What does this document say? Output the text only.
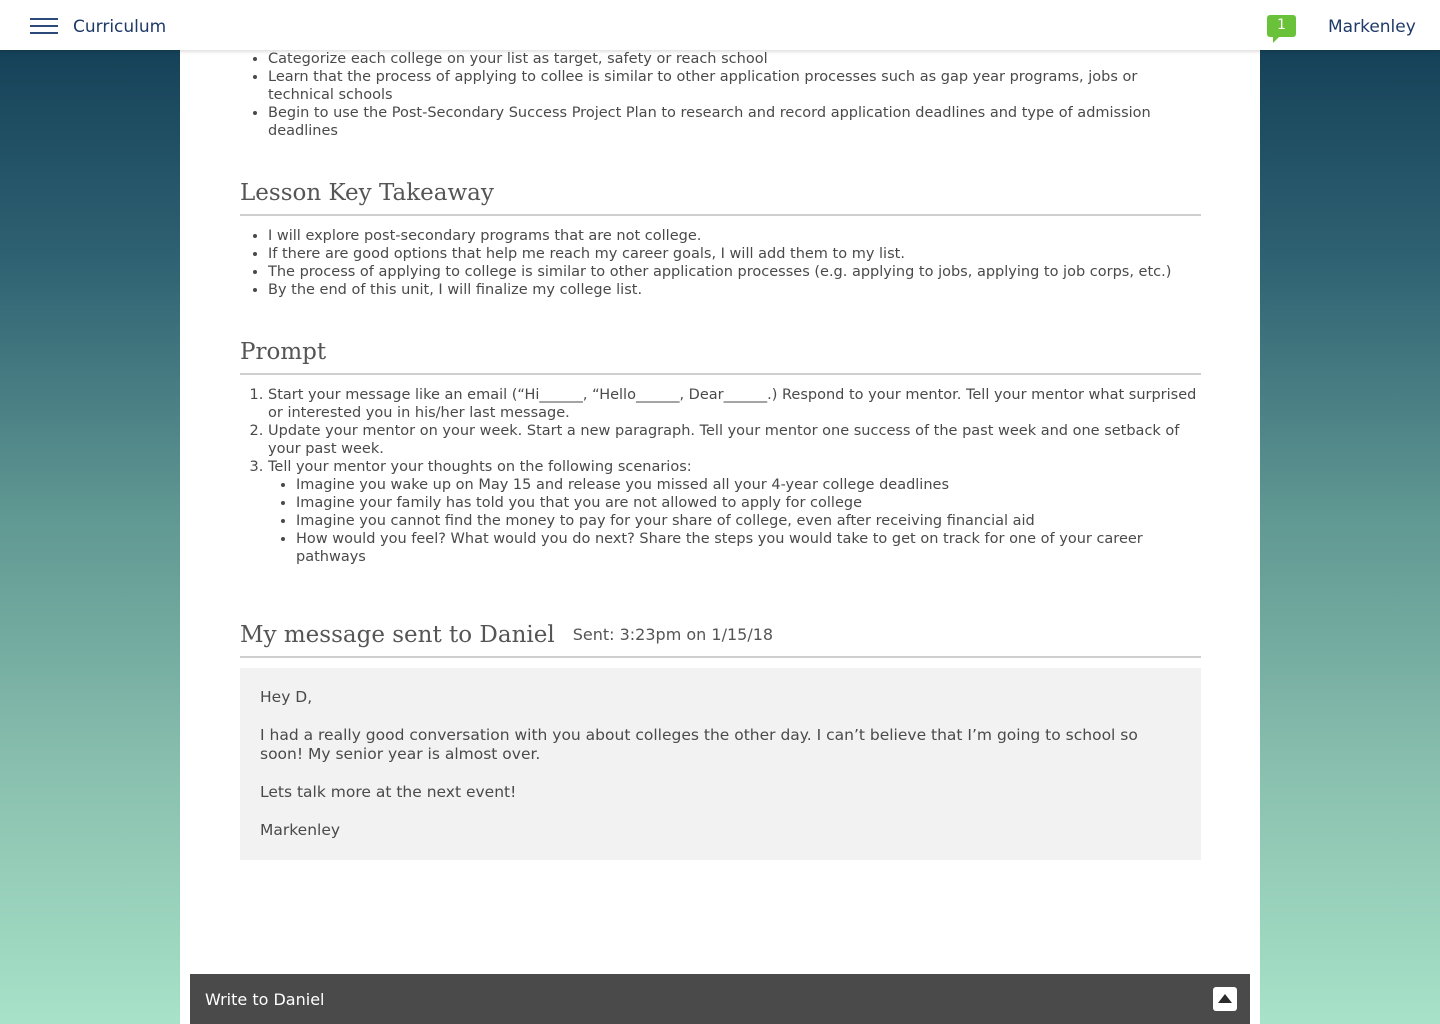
Curriculum	1	Markenley
• Categorize each college on your list as target, safety or reach school
• Learn that the process of applying to collee is similar to other application processes such as gap year programs, jobs or technical schools
• Begin to use the Post-Secondary Success Project Plan to research and record application deadlines and type of admission deadlines
Lesson Key Takeaway
• I will explore post-secondary programs that are not college.
• If there are good options that help me reach my career goals, I will add them to my list.
• The process of applying to college is similar to other application processes (e.g. applying to jobs, applying to job corps, etc.)
• By the end of this unit, I will finalize my college list.
Prompt
1. Start your message like an email (“Hi______, “Hello______, Dear______.) Respond to your mentor. Tell your mentor what surprised or interested you in his/her last message.
2. Update your mentor on your week. Start a new paragraph. Tell your mentor one success of the past week and one setback of your past week.
3. Tell your mentor your thoughts on the following scenarios:
• Imagine you wake up on May 15 and release you missed all your 4-year college deadlines
• Imagine your family has told you that you are not allowed to apply for college
• Imagine you cannot find the money to pay for your share of college, even after receiving financial aid
• How would you feel? What would you do next? Share the steps you would take to get on track for one of your career pathways
My message sent to Daniel Sent: 3:23pm on 1/15/18

Hey D,

I had a really good conversation with you about colleges the other day. I can’t believe that I’m going to school so soon! My senior year is almost over.

Lets talk more at the next event!

Markenley

Write to Daniel
